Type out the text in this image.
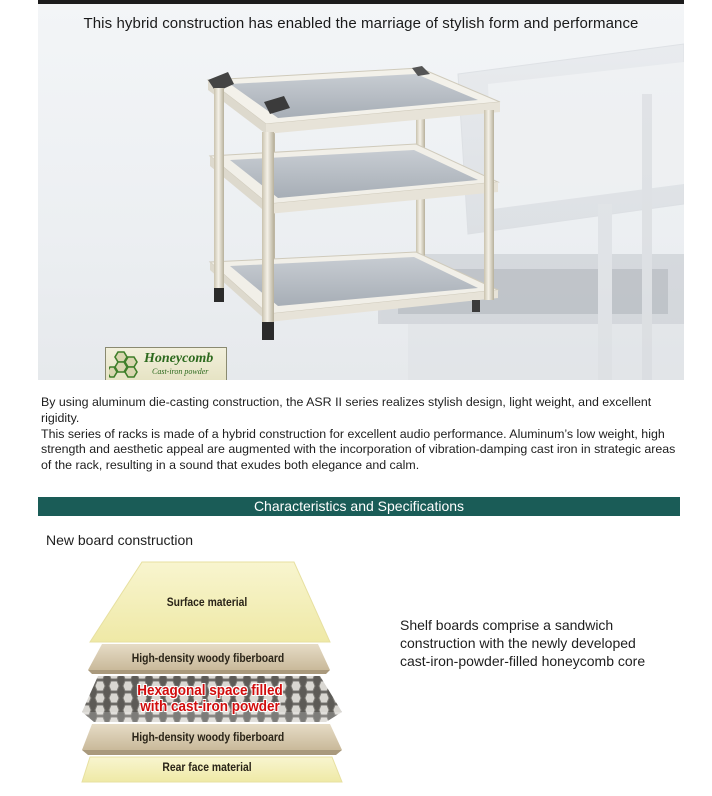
This hybrid construction has enabled the marriage of stylish form and performance
Honeycomb
Cast-iron powder

By using aluminum die-casting construction, the ASR II series realizes stylish design, light weight, and excellent rigidity.

This series of racks is made of a hybrid construction for excellent audio performance. Aluminum’s low weight, high strength and aesthetic appeal are augmented with the incorporation of vibration-damping cast iron in strategic areas of the rack, resulting in a sound that exudes both elegance and calm.

Characteristics and Specifications
New board construction
Surface material
High-density woody fiberboard
Hexagonal space filled
with cast-iron powder
High-density woody fiberboard
Rear face material
Shelf boards comprise a sandwich construction with the newly developed cast-iron-powder-filled honeycomb core
